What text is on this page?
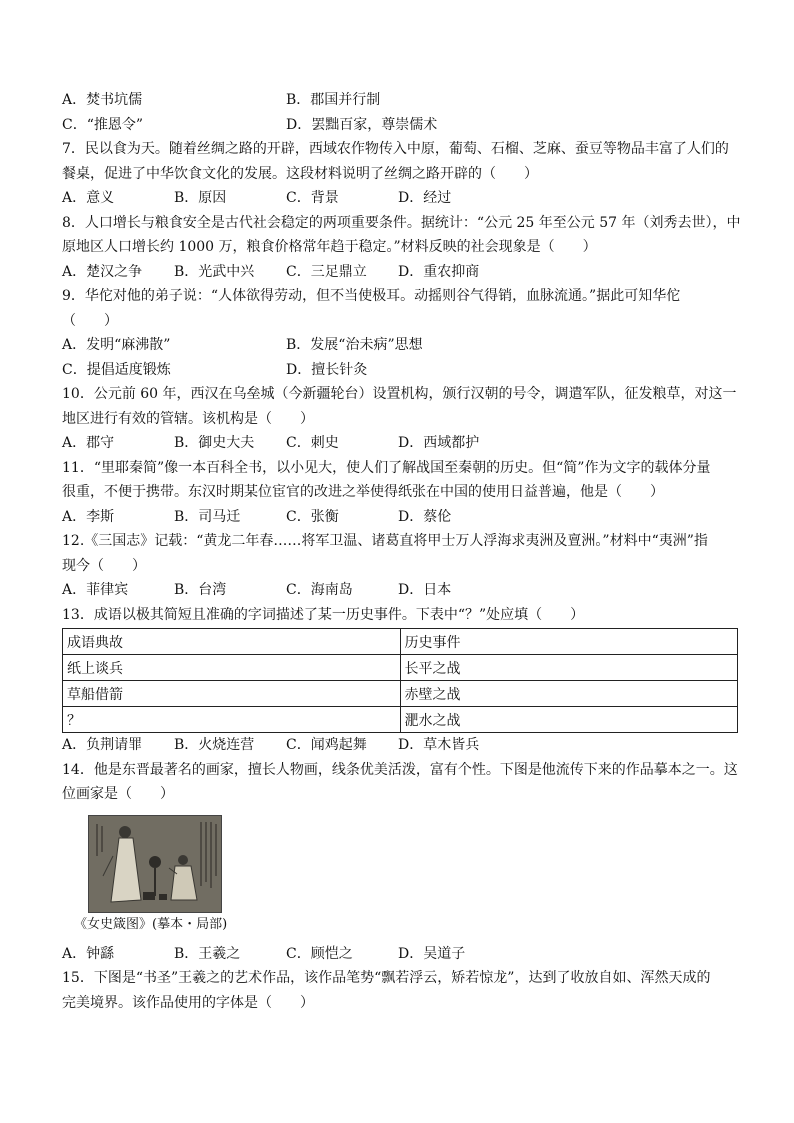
A．焚书坑儒	B．郡国并行制
C．“推恩令”	D．罢黜百家，尊崇儒术
7．民以食为天。随着丝绸之路的开辟，西域农作物传入中原，葡萄、石榴、芝麻、蚕豆等物品丰富了人们的
餐桌，促进了中华饮食文化的发展。这段材料说明了丝绸之路开辟的（　　）
A．意义	B．原因	C．背景	D．经过
8．人口增长与粮食安全是古代社会稳定的两项重要条件。据统计：“公元 25 年至公元 57 年（刘秀去世），中
原地区人口增长约 1000 万，粮食价格常年趋于稳定。”材料反映的社会现象是（　　）
A．楚汉之争	B．光武中兴	C．三足鼎立	D．重农抑商
9．华佗对他的弟子说：“人体欲得劳动，但不当使极耳。动摇则谷气得销，血脉流通。”据此可知华佗
（　　）
A．发明“麻沸散”	B．发展“治未病”思想
C．提倡适度锻炼	D．擅长针灸
10．公元前 60 年，西汉在乌垒城（今新疆轮台）设置机构，颁行汉朝的号令，调遣军队，征发粮草，对这一
地区进行有效的管辖。该机构是（　　）
A．郡守	B．御史大夫	C．刺史	D．西域都护
11．“里耶秦简”像一本百科全书，以小见大，使人们了解战国至秦朝的历史。但“简”作为文字的载体分量
很重，不便于携带。东汉时期某位宦官的改进之举使得纸张在中国的使用日益普遍，他是（　　）
A．李斯	B．司马迁	C．张衡	D．蔡伦
12.《三国志》记载：“黄龙二年春……将军卫温、诸葛直将甲士万人浮海求夷洲及亶洲。”材料中“夷洲”指
现今（　　）
A．菲律宾	B．台湾	C．海南岛	D．日本
13．成语以极其简短且准确的字词描述了某一历史事件。下表中“？”处应填（　　）
成语典故	历史事件
纸上谈兵	长平之战
草船借箭	赤壁之战
？	淝水之战
A．负荆请罪	B．火烧连营	C．闻鸡起舞	D．草木皆兵
14．他是东晋最著名的画家，擅长人物画，线条优美活泼，富有个性。下图是他流传下来的作品摹本之一。这
位画家是（　　）
《女史箴图》(摹本・局部)
A．钟繇	B．王羲之	C．顾恺之	D．吴道子
15．下图是“书圣”王羲之的艺术作品，该作品笔势“飘若浮云，矫若惊龙”，达到了收放自如、浑然天成的
完美境界。该作品使用的字体是（　　）
